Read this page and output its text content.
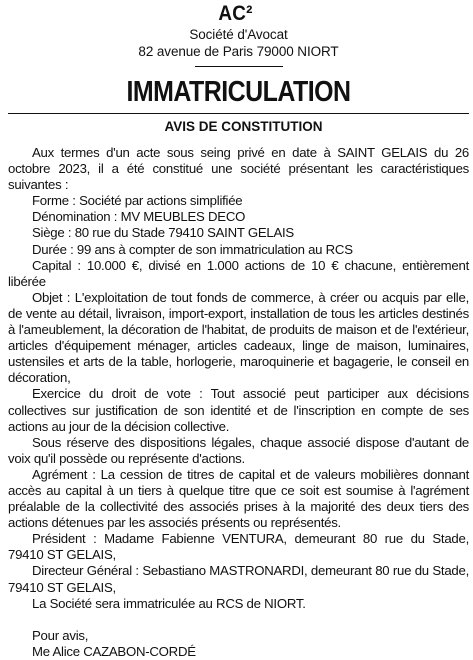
AC²
Société d'Avocat
82 avenue de Paris 79000 NIORT
IMMATRICULATION
AVIS DE CONSTITUTION

Aux termes d'un acte sous seing privé en date à SAINT GELAIS du 26 octobre 2023, il a été constitué une société présentant les caractéristiques suivantes :

Forme : Société par actions simplifiée

Dénomination : MV MEUBLES DECO

Siège : 80 rue du Stade 79410 SAINT GELAIS

Durée : 99 ans à compter de son immatriculation au RCS

Capital : 10.000 €, divisé en 1.000 actions de 10 € chacune, entièrement libérée

Objet : L'exploitation de tout fonds de commerce, à créer ou acquis par elle, de vente au détail, livraison, import-export, installation de tous les articles destinés à l'ameublement, la décoration de l'habitat, de produits de maison et de l'extérieur, articles d'équipement ménager, articles cadeaux, linge de maison, luminaires, ustensiles et arts de la table, horlogerie, maroquinerie et bagagerie, le conseil en décoration,

Exercice du droit de vote : Tout associé peut participer aux décisions collectives sur justification de son identité et de l'inscription en compte de ses actions au jour de la décision collective.

Sous réserve des dispositions légales, chaque associé dispose d'autant de voix qu'il possède ou représente d'actions.

Agrément : La cession de titres de capital et de valeurs mobilières donnant accès au capital à un tiers à quelque titre que ce soit est soumise à l'agrément préalable de la collectivité des associés prises à la majorité des deux tiers des actions détenues par les associés présents ou représentés.

Président : Madame Fabienne VENTURA, demeurant 80 rue du Stade, 79410 ST GELAIS,

Directeur Général : Sebastiano MASTRONARDI, demeurant 80 rue du Stade, 79410 ST GELAIS,

La Société sera immatriculée au RCS de NIORT.

Pour avis,

Me Alice CAZABON-CORDÉ
